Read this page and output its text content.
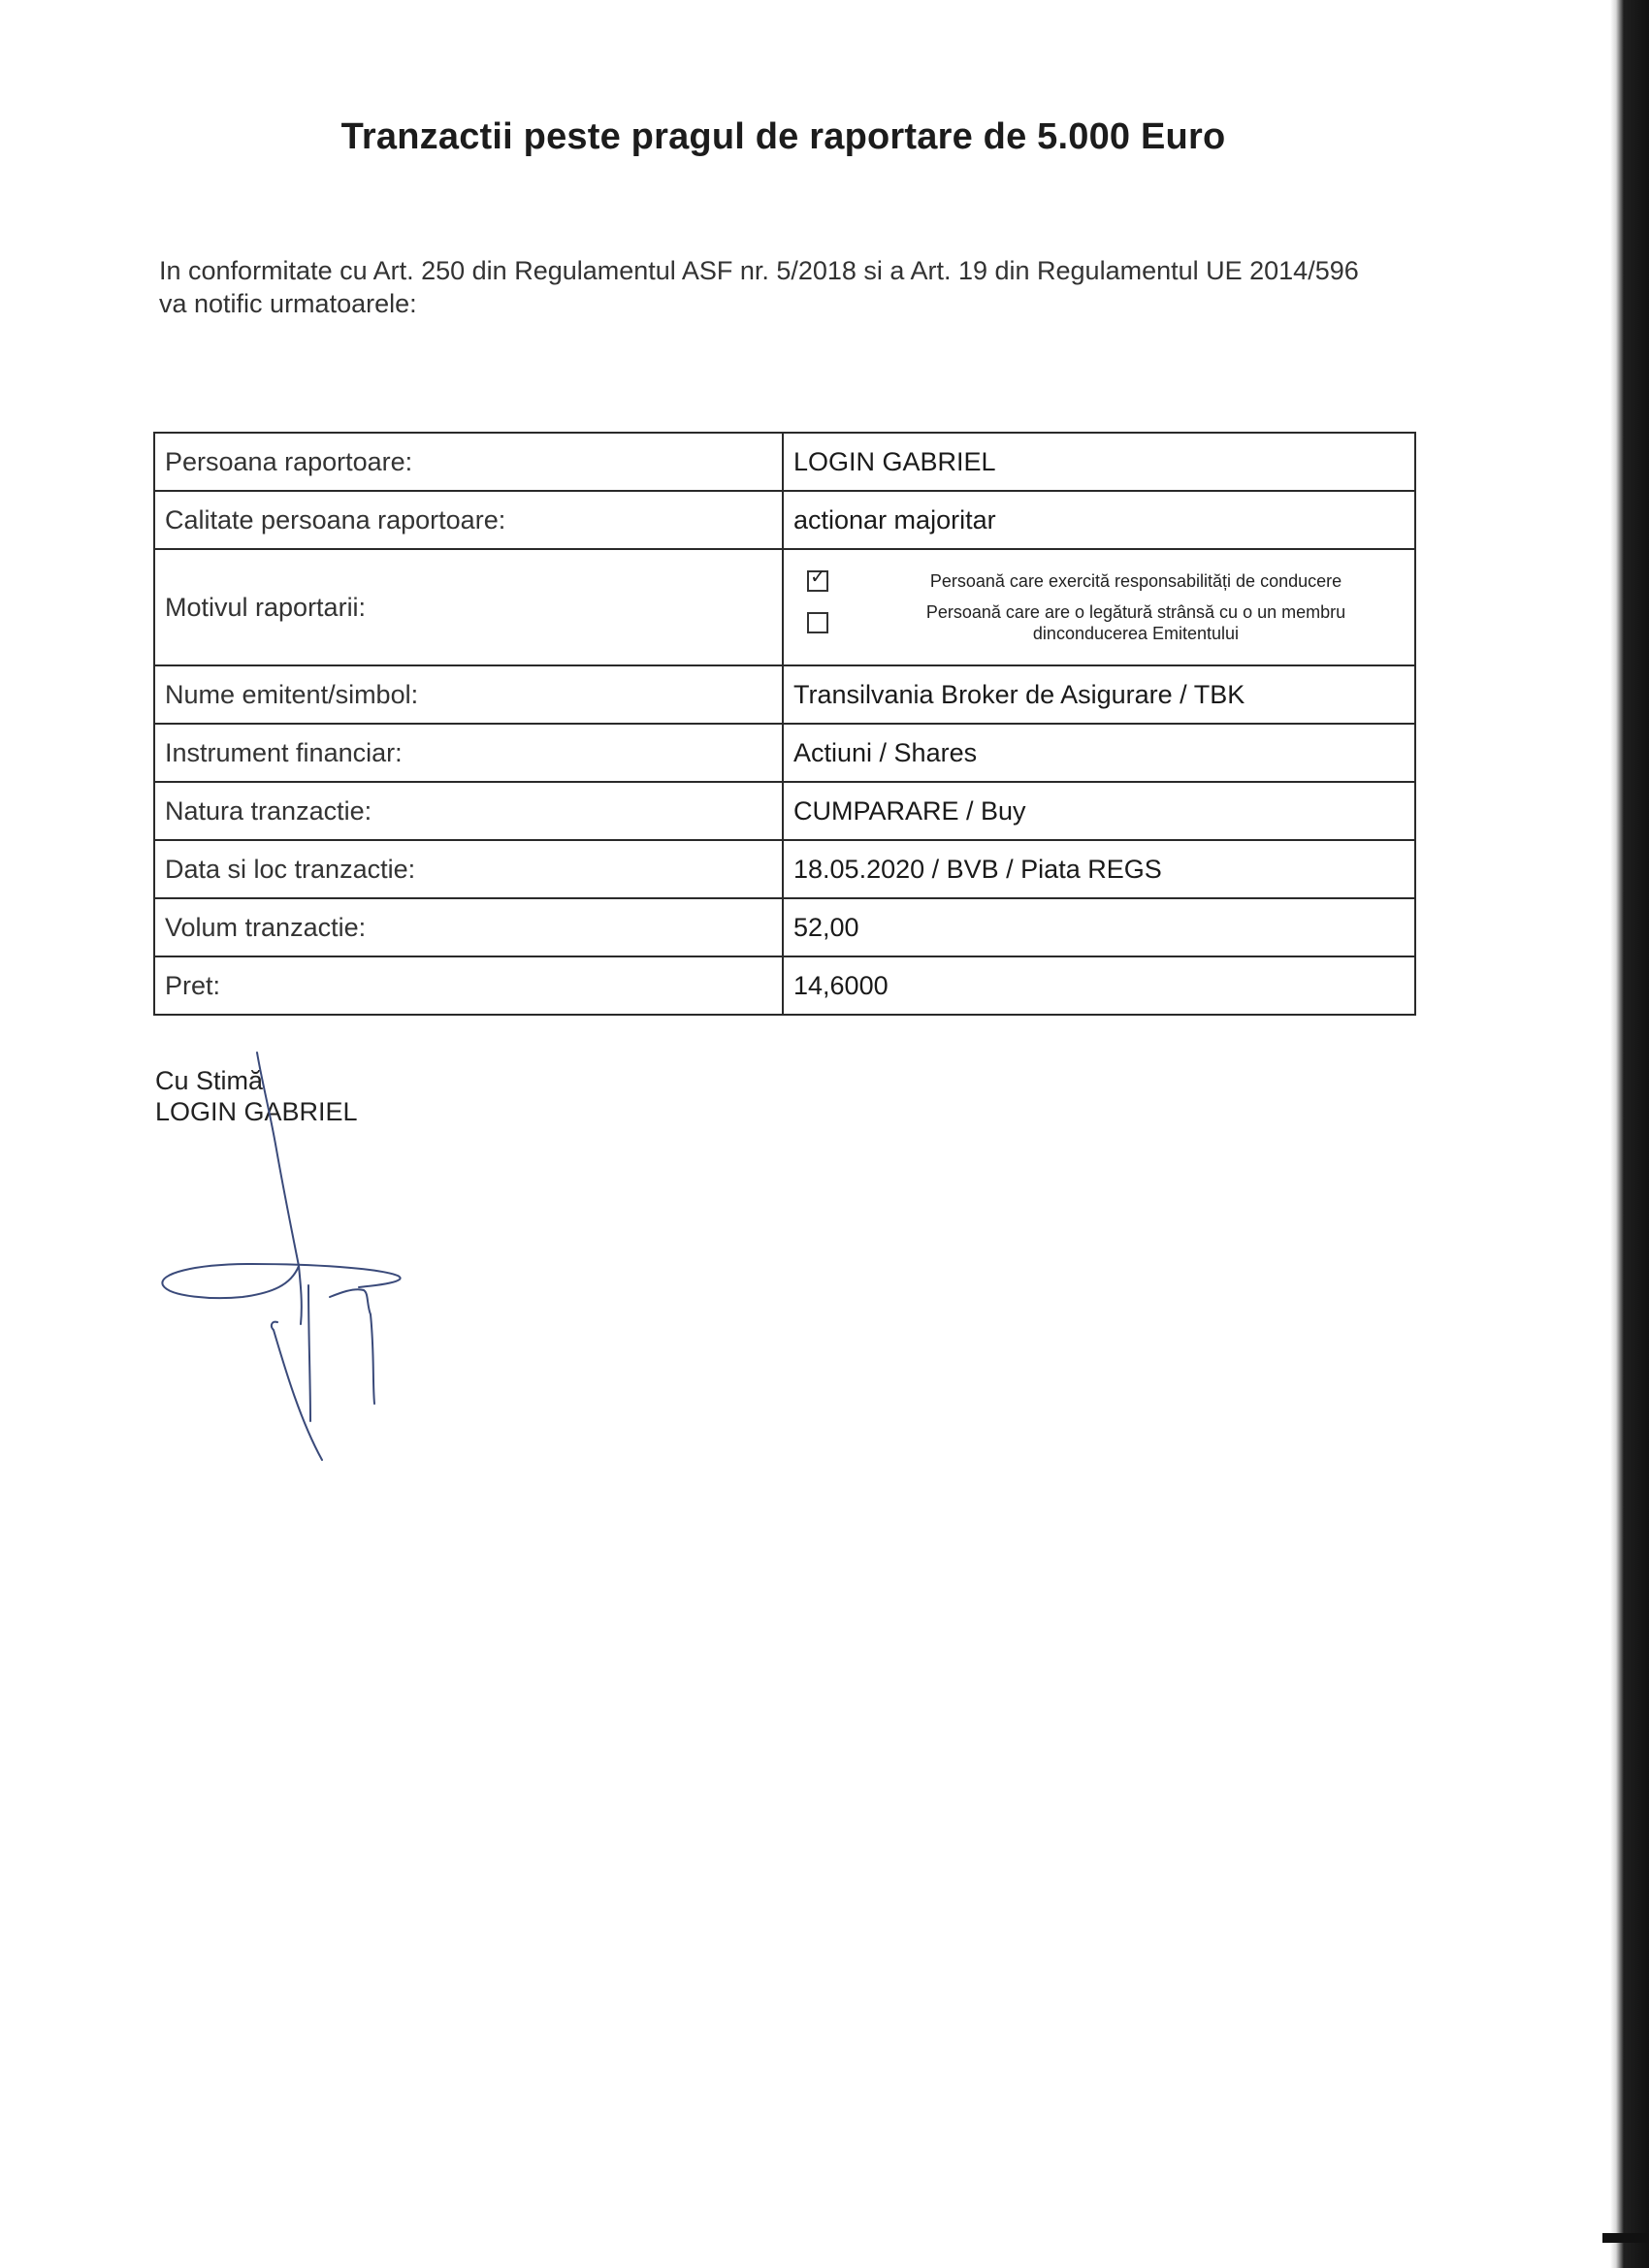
Tranzactii peste pragul de raportare de 5.000 Euro
In conformitate cu Art. 250 din Regulamentul ASF nr. 5/2018 si a Art. 19 din Regulamentul UE 2014/596
va notific urmatoarele:
Persoana raportoare:	LOGIN GABRIEL
Calitate persoana raportoare:	actionar majoritar
Motivul raportarii:	✓ Persoană care exercită responsabilități de conducere
Persoană care are o legătură strânsă cu o un membru dinconducerea Emitentului

Nume emitent/simbol:	Transilvania Broker de Asigurare / TBK
Instrument financiar:	Actiuni / Shares
Natura tranzactie:	CUMPARARE / Buy
Data si loc tranzactie:	18.05.2020 / BVB / Piata REGS
Volum tranzactie:	52,00
Pret:	14,6000
Cu Stimă
LOGIN GABRIEL
